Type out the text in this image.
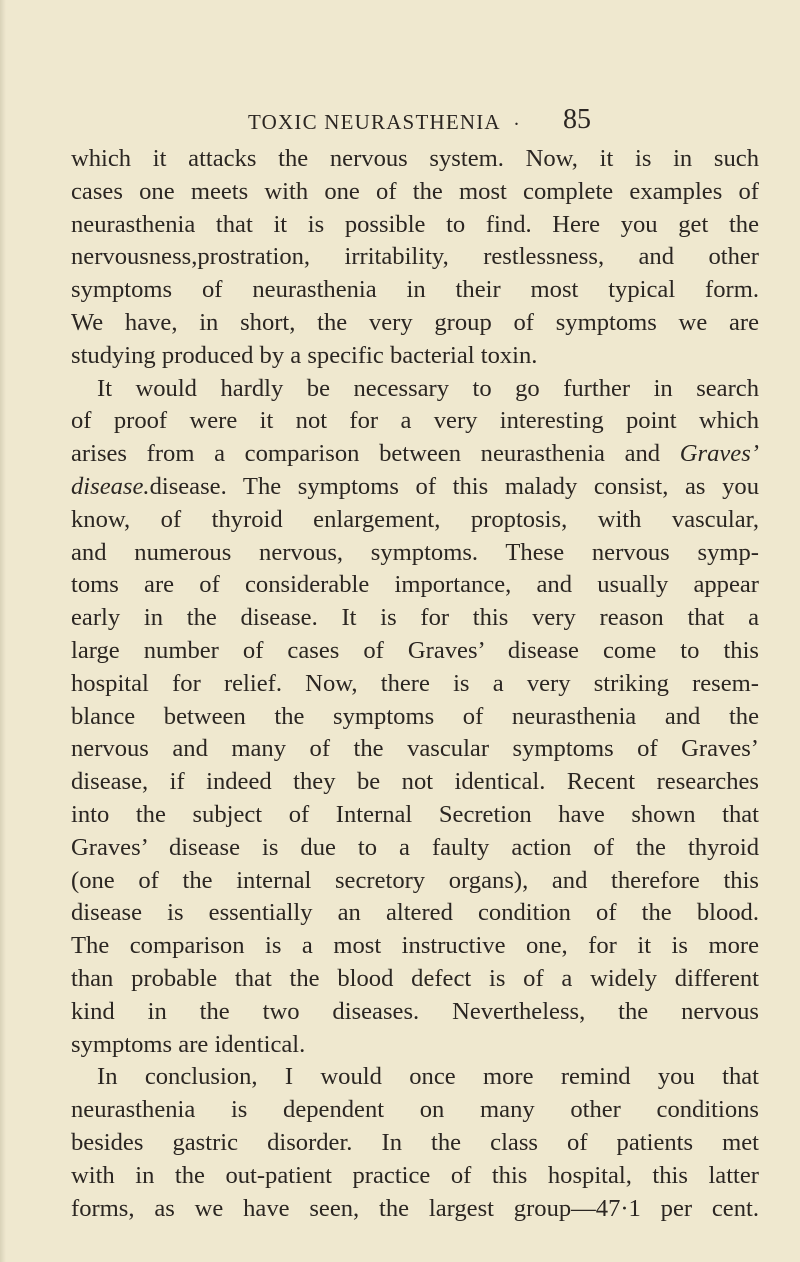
TOXIC NEURASTHENIA . 85
which it attacks the nervous system. Now, it is in such
cases one meets with one of the most complete examples of
neurasthenia that it is possible to find. Here you get the
nervousness,prostration, irritability, restlessness, and other
symptoms of neurasthenia in their most typical form.
We have, in short, the very group of symptoms we are
studying produced by a specific bacterial toxin.
It would hardly be necessary to go further in search
of proof were it not for a very interesting point which
arises from a comparison between neurasthenia and Graves’
disease.disease. The symptoms of this malady consist, as you
know, of thyroid enlargement, proptosis, with vascular,
and numerous nervous, symptoms. These nervous symp-
toms are of considerable importance, and usually appear
early in the disease. It is for this very reason that a
large number of cases of Graves’ disease come to this
hospital for relief. Now, there is a very striking resem-
blance between the symptoms of neurasthenia and the
nervous and many of the vascular symptoms of Graves’
disease, if indeed they be not identical. Recent researches
into the subject of Internal Secretion have shown that
Graves’ disease is due to a faulty action of the thyroid
(one of the internal secretory organs), and therefore this
disease is essentially an altered condition of the blood.
The comparison is a most instructive one, for it is more
than probable that the blood defect is of a widely different
kind in the two diseases. Nevertheless, the nervous
symptoms are identical.
In conclusion, I would once more remind you that
neurasthenia is dependent on many other conditions
besides gastric disorder. In the class of patients met
with in the out-patient practice of this hospital, this latter
forms, as we have seen, the largest group—47·1 per cent.
